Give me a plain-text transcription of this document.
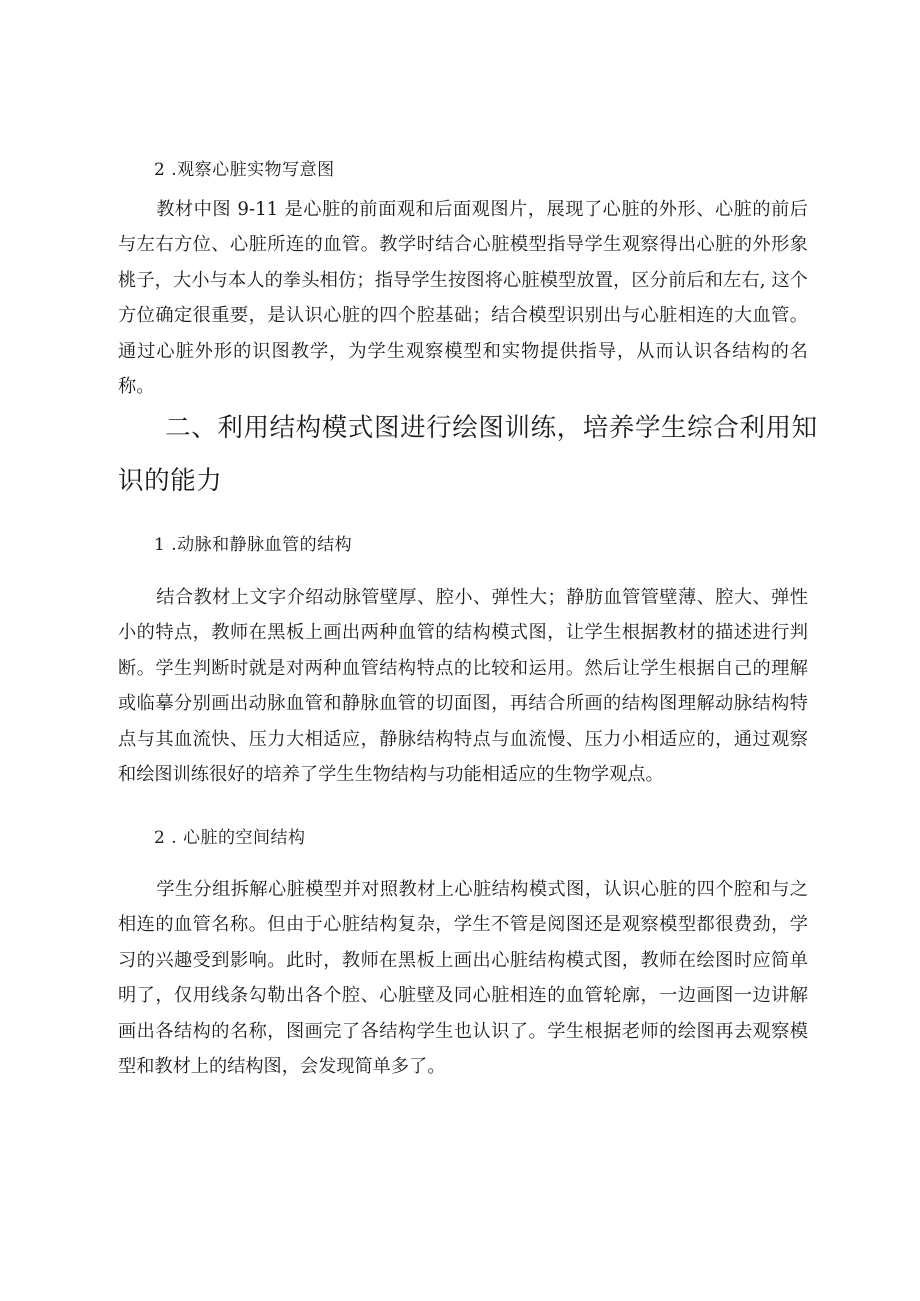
2 .观察心脏实物写意图

教材中图 9-11 是心脏的前面观和后面观图片，展现了心脏的外形、心脏的前后与左右方位、心脏所连的血管。教学时结合心脏模型指导学生观察得出心脏的外形象桃子，大小与本人的拳头相仿；指导学生按图将心脏模型放置，区分前后和左右, 这个方位确定很重要，是认识心脏的四个腔基础；结合模型识别出与心脏相连的大血管。通过心脏外形的识图教学，为学生观察模型和实物提供指导，从而认识各结构的名称。

二、利用结构模式图进行绘图训练，培养学生综合利用知识的能力
1 .动脉和静脉血管的结构

结合教材上文字介绍动脉管壁厚、腔小、弹性大；静肪血管管壁薄、腔大、弹性小的特点，教师在黑板上画出两种血管的结构模式图，让学生根据教材的描述进行判断。学生判断时就是对两种血管结构特点的比较和运用。然后让学生根据自己的理解或临摹分别画出动脉血管和静脉血管的切面图，再结合所画的结构图理解动脉结构特点与其血流快、压力大相适应，静脉结构特点与血流慢、压力小相适应的，通过观察和绘图训练很好的培养了学生生物结构与功能相适应的生物学观点。

2 . 心脏的空间结构

学生分组拆解心脏模型并对照教材上心脏结构模式图，认识心脏的四个腔和与之相连的血管名称。但由于心脏结构复杂，学生不管是阅图还是观察模型都很费劲，学习的兴趣受到影响。此时，教师在黑板上画出心脏结构模式图，教师在绘图时应简单明了，仅用线条勾勒出各个腔、心脏壁及同心脏相连的血管轮廓，一边画图一边讲解画出各结构的名称，图画完了各结构学生也认识了。学生根据老师的绘图再去观察模型和教材上的结构图，会发现简单多了。
